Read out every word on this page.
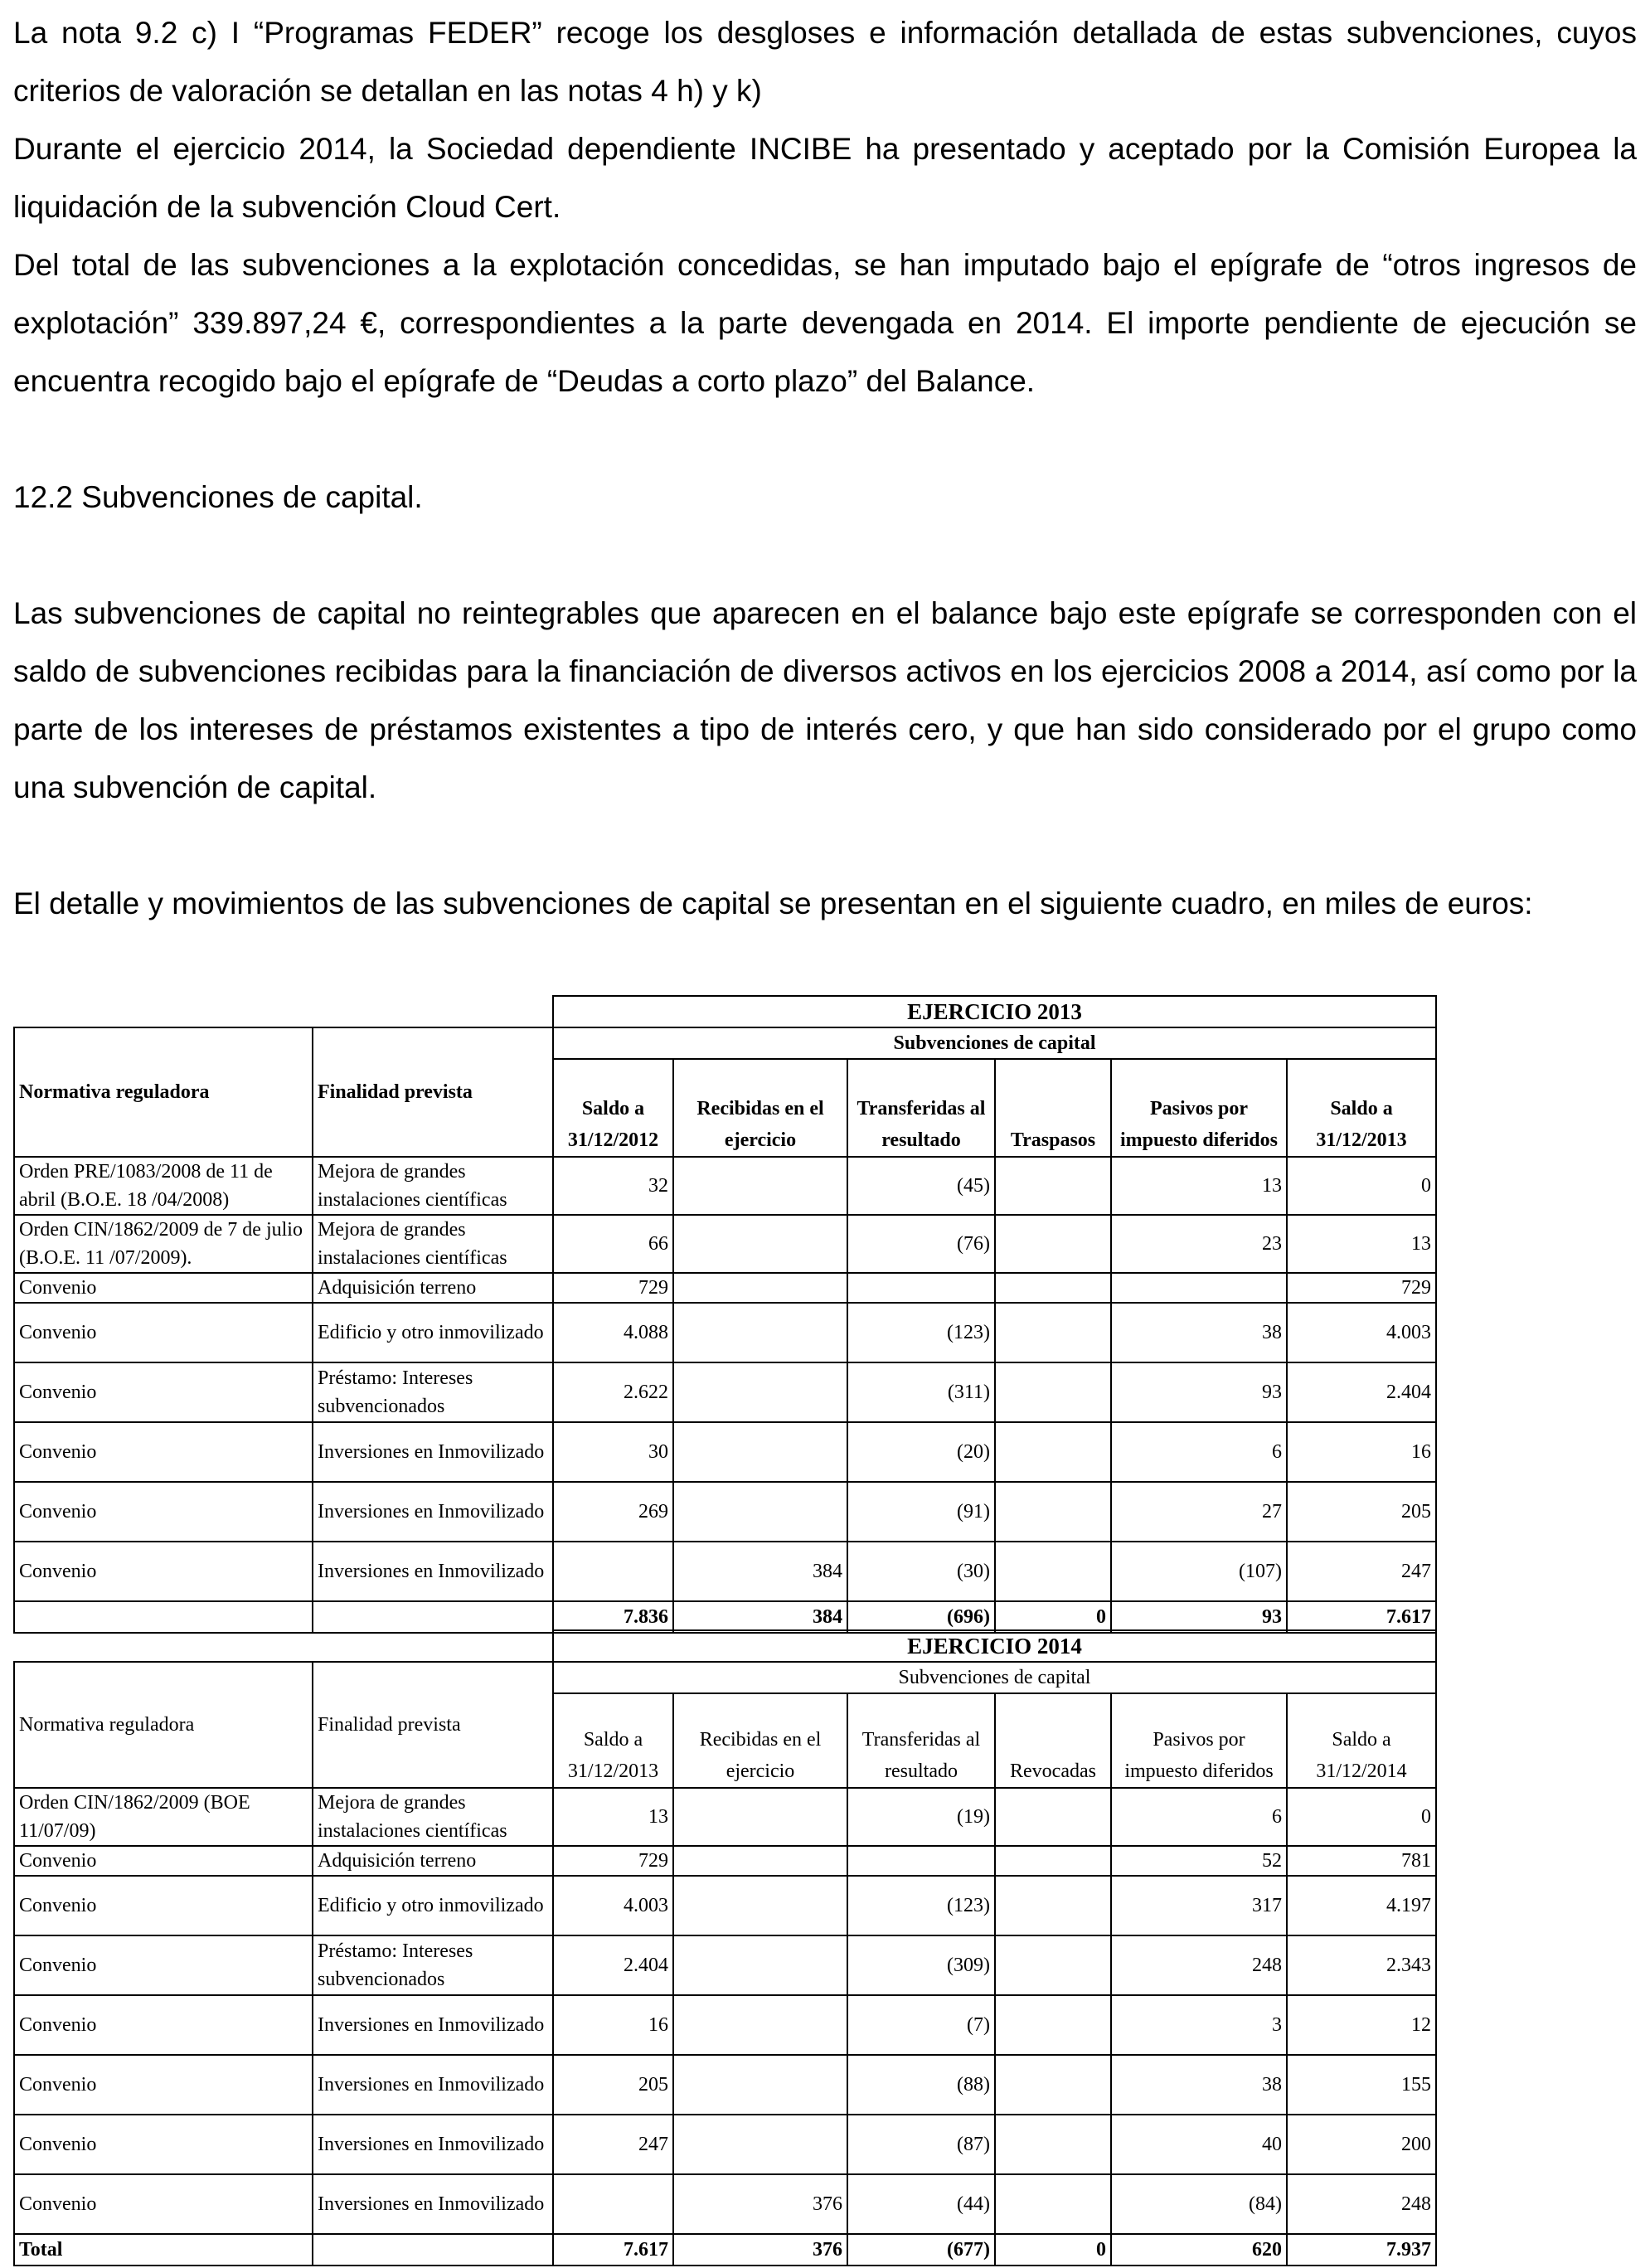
La nota 9.2 c) I “Programas FEDER” recoge los desgloses e información detallada de estas subvenciones, cuyos criterios de valoración se detallan en las notas 4 h) y k)

Durante el ejercicio 2014, la Sociedad dependiente INCIBE ha presentado y aceptado por la Comisión Europea la liquidación de la subvención Cloud Cert.

Del total de las subvenciones a la explotación concedidas, se han imputado bajo el epígrafe de “otros ingresos de explotación” 339.897,24 €, correspondientes a la parte devengada en 2014. El importe pendiente de ejecución se encuentra recogido bajo el epígrafe de “Deudas a corto plazo” del Balance.

12.2 Subvenciones de capital.

Las subvenciones de capital no reintegrables que aparecen en el balance bajo este epígrafe se corresponden con el saldo de subvenciones recibidas para la financiación de diversos activos en los ejercicios 2008 a 2014, así como por la parte de los intereses de préstamos existentes a tipo de interés cero, y que han sido considerado por el grupo como una subvención de capital.

El detalle y movimientos de las subvenciones de capital se presentan en el siguiente cuadro, en miles de euros:

		EJERCICIO 2013					
Normativa reguladora	Finalidad prevista	Subvenciones de capital					
		Saldo a 31/12/2012	Recibidas en el ejercicio	Transferidas al resultado	Traspasos	Pasivos por impuesto diferidos	Saldo a 31/12/2013
Orden PRE/1083/2008 de 11 de abril (B.O.E. 18 /04/2008)	Mejora de grandes instalaciones científicas	32		(45)		13	0
Orden CIN/1862/2009 de 7 de julio (B.O.E. 11 /07/2009).	Mejora de grandes instalaciones científicas	66		(76)		23	13
Convenio	Adquisición terreno	729					729
Convenio	Edificio y otro inmovilizado	4.088		(123)		38	4.003
Convenio	Préstamo: Intereses subvencionados	2.622		(311)		93	2.404
Convenio	Inversiones en Inmovilizado	30		(20)		6	16
Convenio	Inversiones en Inmovilizado	269		(91)		27	205
Convenio	Inversiones en Inmovilizado		384	(30)		(107)	247
		7.836	384	(696)	0	93	7.617
		EJERCICIO 2014					
Normativa reguladora	Finalidad prevista	Subvenciones de capital					
		Saldo a 31/12/2013	Recibidas en el ejercicio	Transferidas al resultado	Revocadas	Pasivos por impuesto diferidos	Saldo a 31/12/2014
Orden CIN/1862/2009 (BOE 11/07/09)	Mejora de grandes instalaciones científicas	13		(19)		6	0
Convenio	Adquisición terreno	729				52	781
Convenio	Edificio y otro inmovilizado	4.003		(123)		317	4.197
Convenio	Préstamo: Intereses subvencionados	2.404		(309)		248	2.343
Convenio	Inversiones en Inmovilizado	16		(7)		3	12
Convenio	Inversiones en Inmovilizado	205		(88)		38	155
Convenio	Inversiones en Inmovilizado	247		(87)		40	200
Convenio	Inversiones en Inmovilizado		376	(44)		(84)	248
Total		7.617	376	(677)	0	620	7.937
